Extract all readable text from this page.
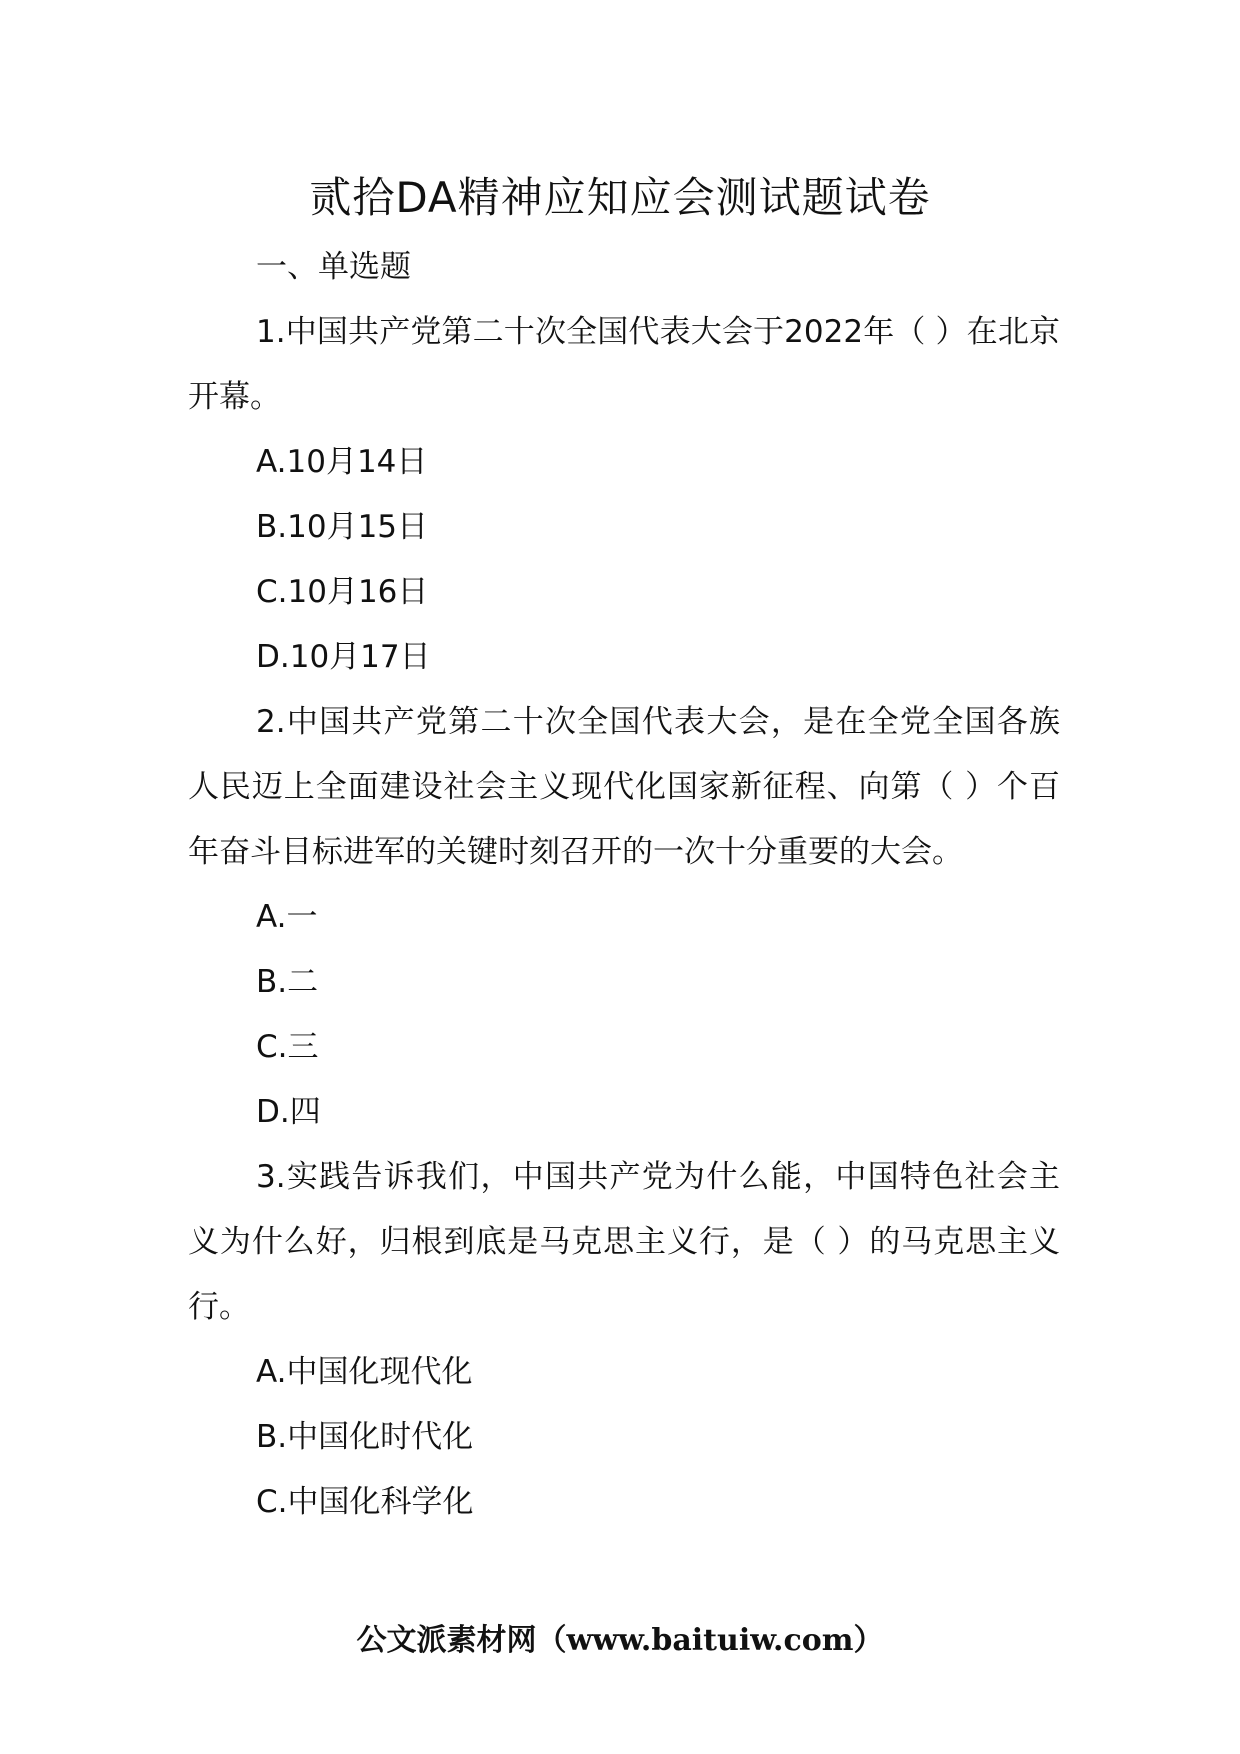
贰拾DA精神应知应会测试题试卷

一、单选题

1.中国共产党第二十次全国代表大会于2022年（ ）在北京开幕。

A.10月14日

B.10月15日

C.10月16日

D.10月17日

2.中国共产党第二十次全国代表大会，是在全党全国各族人民迈上全面建设社会主义现代化国家新征程、向第（ ）个百年奋斗目标进军的关键时刻召开的一次十分重要的大会。

A.一

B.二

C.三

D.四

3.实践告诉我们，中国共产党为什么能，中国特色社会主义为什么好，归根到底是马克思主义行，是（ ）的马克思主义行。

A.中国化现代化

B.中国化时代化

C.中国化科学化

公文派素材网（www.baituiw.com）
